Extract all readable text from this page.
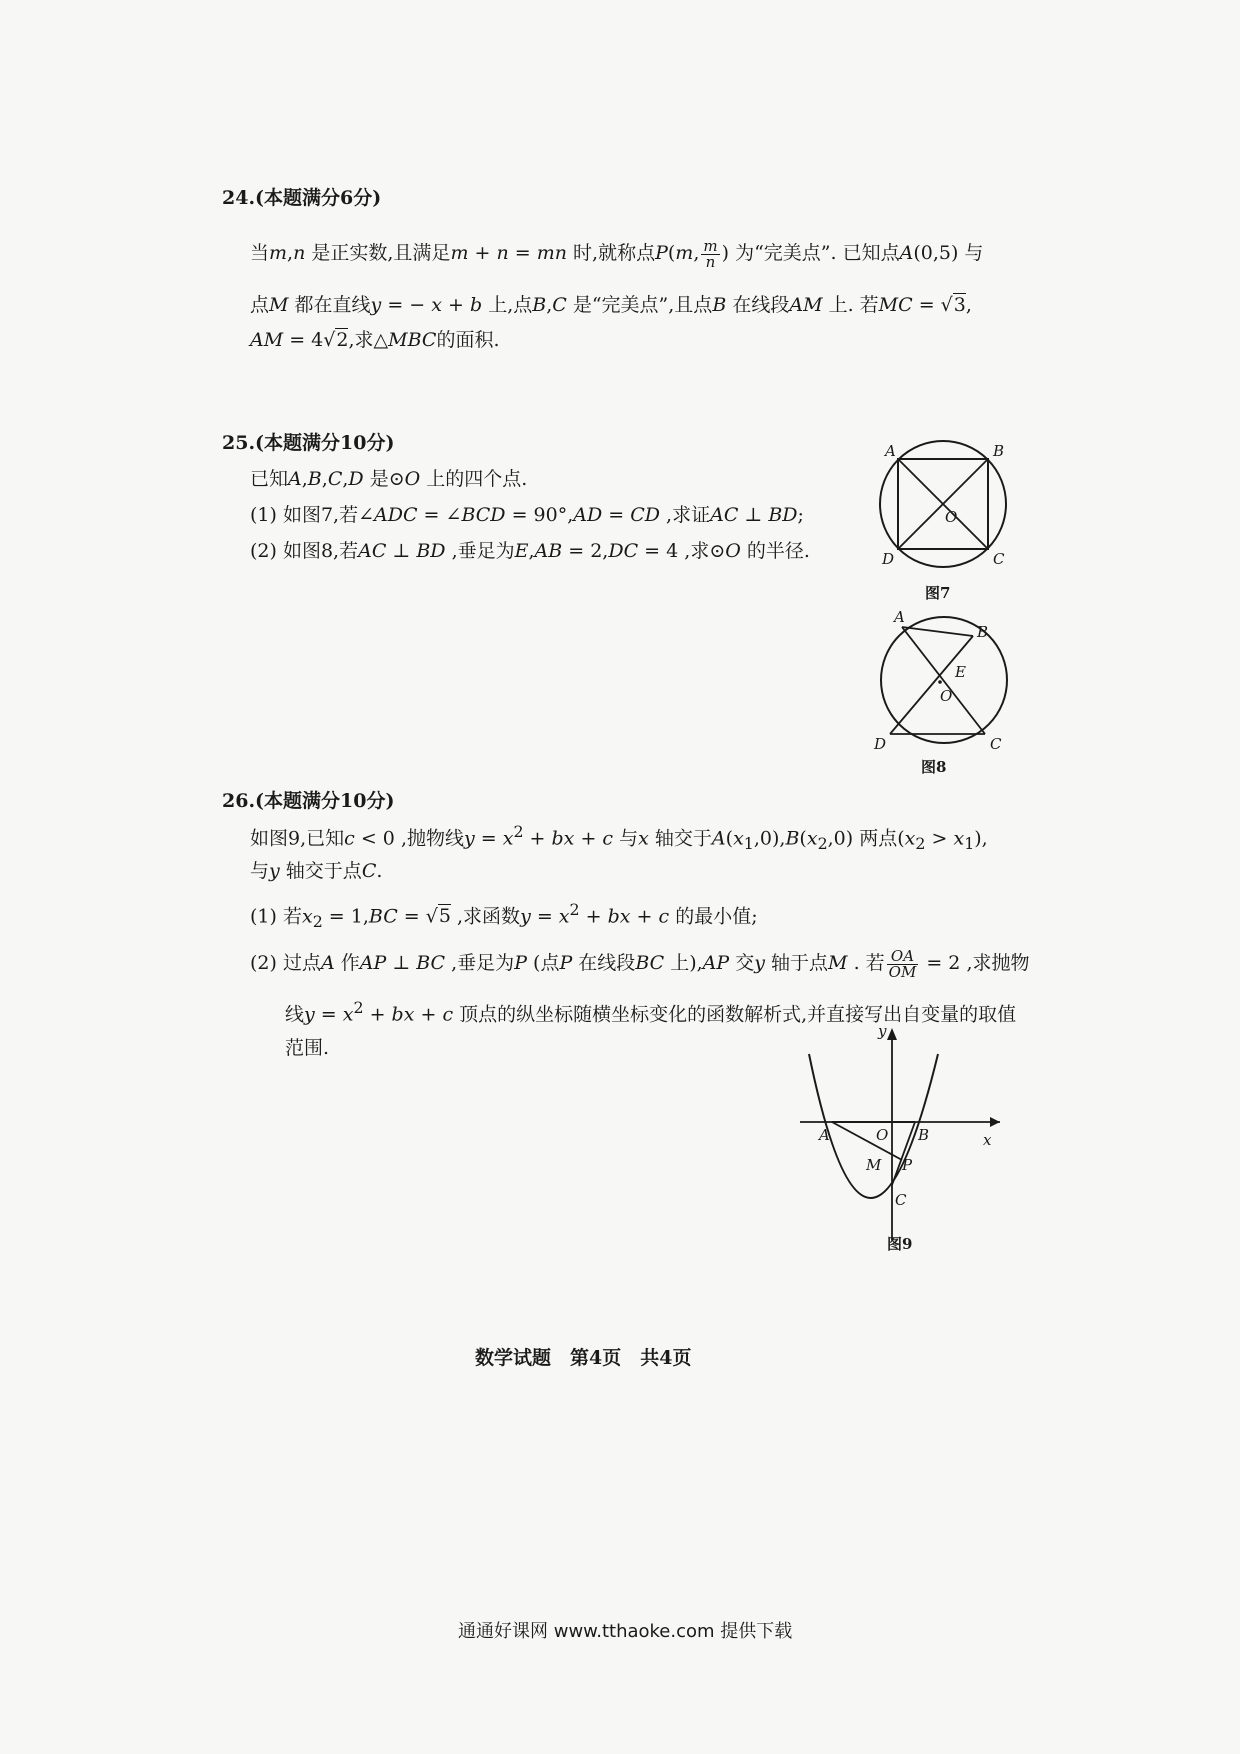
24.(本题满分6分)
当m,n 是正实数,且满足m + n = mn 时,就称点P(m, $\frac{m}{n}$ ) 为“完美点”. 已知点A(0,5) 与
点M 都在直线y = − x + b 上,点B,C 是“完美点”,且点B 在线段AM 上. 若MC = √3,
AM = 4√2,求△MBC的面积.
25.(本题满分10分)
已知A,B,C,D 是⊙O 上的四个点.
(1) 如图7,若∠ADC = ∠BCD = 90°,AD = CD ,求证AC ⊥ BD;
(2) 如图8,若AC ⊥ BD ,垂足为E,AB = 2,DC = 4 ,求⊙O 的半径.
A	B
C
D
O
图7
A
B
C
D
E
O
图8
26.(本题满分10分)
如图9,已知c < 0 ,抛物线$y = x^2$ + bx + c 与x 轴交于$A(x_1,0),B(x_2,0)$ 两点$(x_2 > x_1)$,
与y 轴交于点C.
(1) 若$x_2 = 1,BC = √5$ ,求函数$y = x^2$ + bx + c 的最小值;
(2) 过点A 作AP ⊥ BC ,垂足为P (点P 在线段BC 上),AP 交y 轴于点M . 若 $\frac{OA}{OM} = 2$ ,求抛物
线$y = x^2$ + bx + c 顶点的纵坐标随横坐标变化的函数解析式,并直接写出自变量的取值
范围.
y
x
A	O B
M P
C
图9
数学试题　第4页　共4页
通通好课网 www.tthaoke.com 提供下载
